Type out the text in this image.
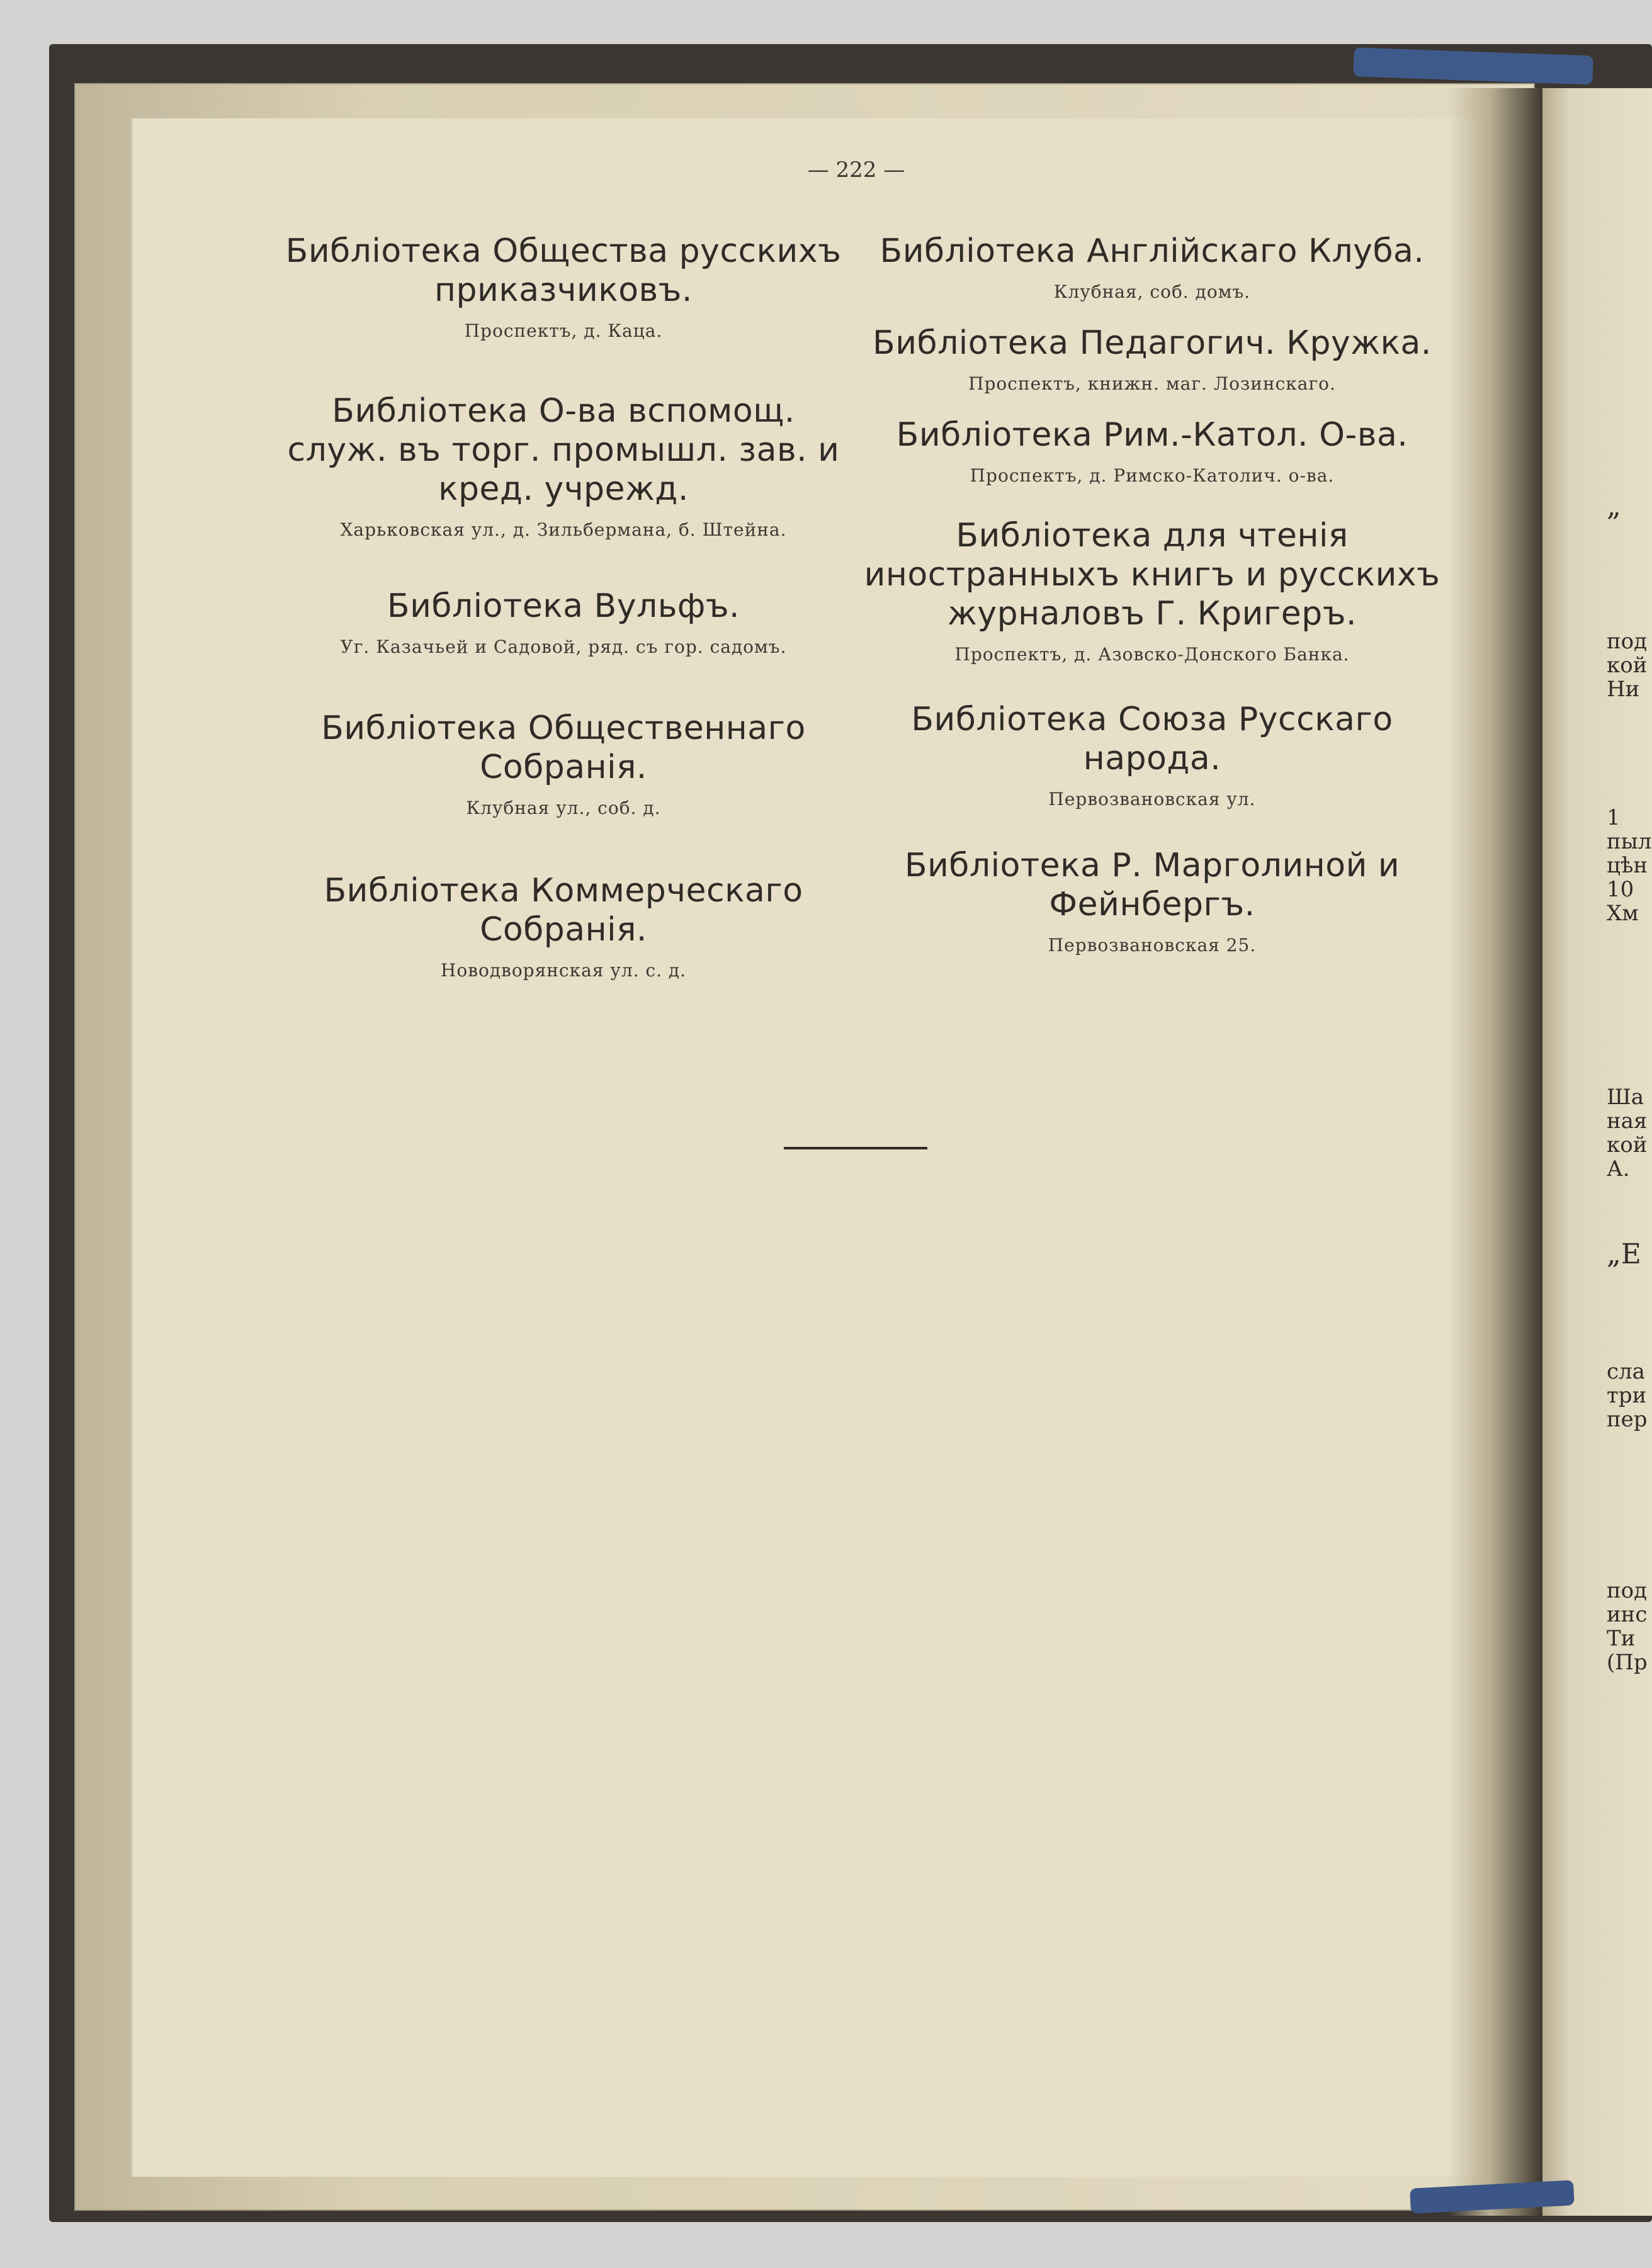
— 222 —
Библіотека Общества русскихъ приказчиковъ.
Проспектъ, д. Каца.
Библіотека О-ва вспомощ. служ. въ торг. промышл. зав. и кред. учрежд.
Харьковская ул., д. Зильбермана, б. Штейна.
Библіотека Вульфъ.
Уг. Казачьей и Садовой, ряд. съ гор. садомъ.
Библіотека Общественнаго Собранія.
Клубная ул., соб. д.
Библіотека Коммерческаго Собранія.
Новодворянская ул. с. д.
Библіотека Англійскаго Клуба.
Клубная, соб. домъ.
Библіотека Педагогич. Кружка.
Проспектъ, книжн. маг. Лозинскаго.
Библіотека Рим.-Катол. О-ва.
Проспектъ, д. Римско-Католич. о-ва.
Библіотека для чтенія иностранныхъ книгъ и русскихъ журналовъ Г. Кригеръ.
Проспектъ, д. Азовско-Донского Банка.
Библіотека Союза Русскаго народа.
Первозвановская ул.
Библіотека Р. Марголиной и Фейнбергъ.
Первозвановская 25.
„
под
кой
Ни
1
пыл
цѣн
10
Хм
Ша
ная
кой
А.
„Е
сла
три
пер
под
инс
Ти
(Пр
